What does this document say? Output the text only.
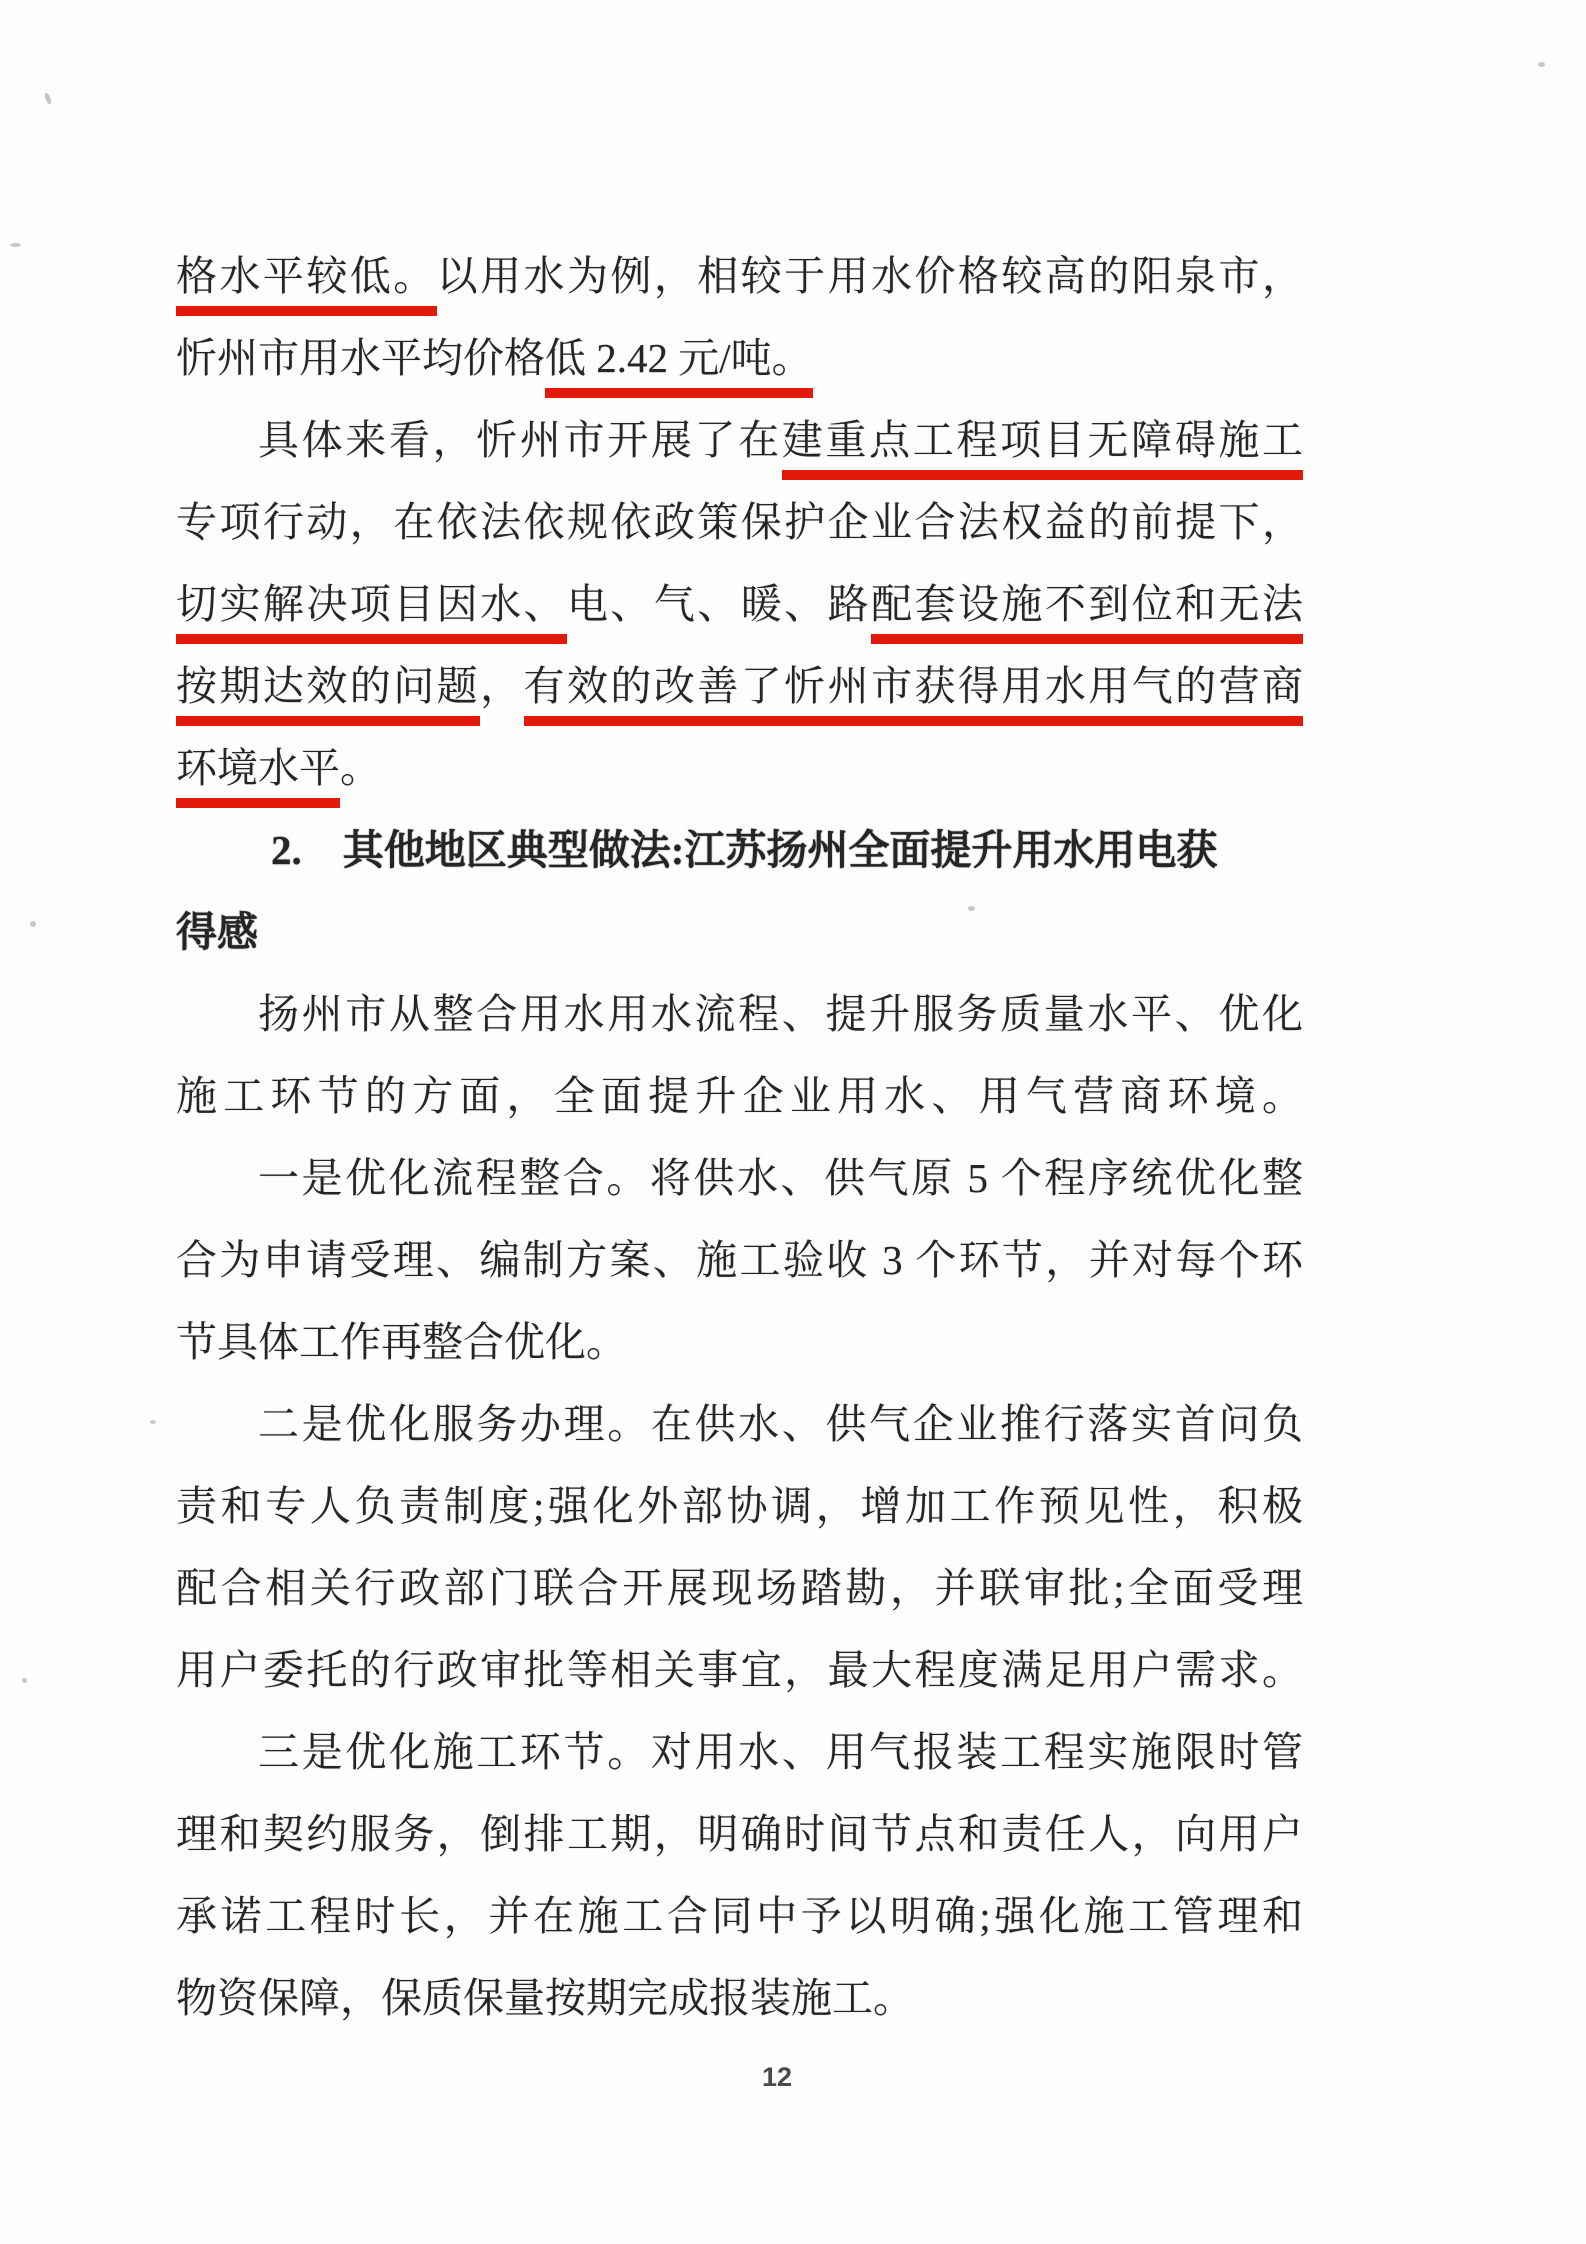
格水平较低。以用水为例，相较于用水价格较高的阳泉市，
忻州市用水平均价格低 2.42 元/吨。
具体来看，忻州市开展了在建重点工程项目无障碍施工
专项行动，在依法依规依政策保护企业合法权益的前提下，
切实解决项目因水、电、气、暖、路配套设施不到位和无法
按期达效的问题，有效的改善了忻州市获得用水用气的营商
环境水平。
2.　其他地区典型做法:江苏扬州全面提升用水用电获
得感
扬州市从整合用水用水流程、提升服务质量水平、优化
施工环节的方面，全面提升企业用水、用气营商环境。
一是优化流程整合。将供水、供气原 5 个程序统优化整
合为申请受理、编制方案、施工验收 3 个环节，并对每个环
节具体工作再整合优化。
二是优化服务办理。在供水、供气企业推行落实首问负
责和专人负责制度;强化外部协调，增加工作预见性，积极
配合相关行政部门联合开展现场踏勘，并联审批;全面受理
用户委托的行政审批等相关事宜，最大程度满足用户需求。
三是优化施工环节。对用水、用气报装工程实施限时管
理和契约服务，倒排工期，明确时间节点和责任人，向用户
承诺工程时长，并在施工合同中予以明确;强化施工管理和
物资保障，保质保量按期完成报装施工。
12
